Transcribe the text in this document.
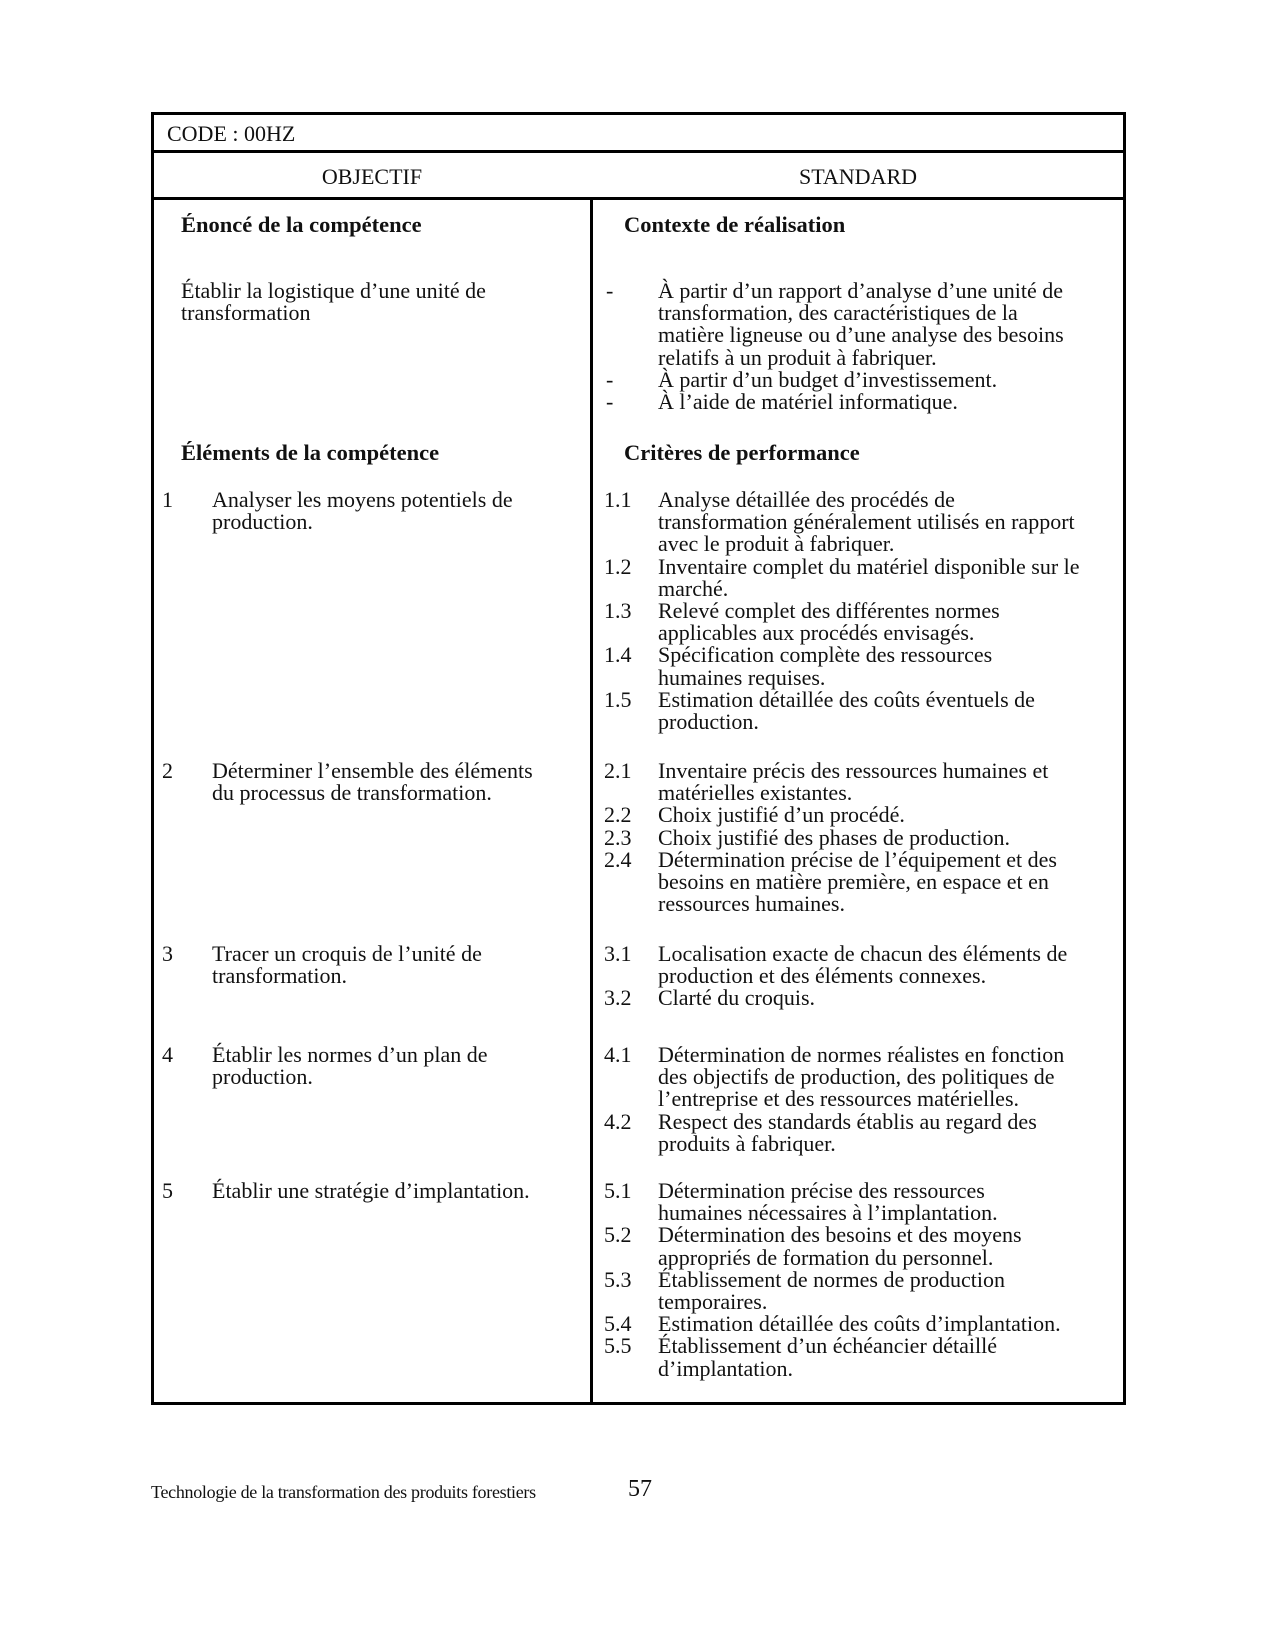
CODE : 00HZ
OBJECTIF	STANDARD
Énoncé de la compétence
Établir la logistique d’une unité de
transformation
Éléments de la compétence
1 Analyser les moyens potentiels de
production.
2 Déterminer l’ensemble des éléments
du processus de transformation.
3 Tracer un croquis de l’unité de
transformation.
4 Établir les normes d’un plan de
production.
5 Établir une stratégie d’implantation.
Contexte de réalisation
- À partir d’un rapport d’analyse d’une unité de
transformation, des caractéristiques de la
matière ligneuse ou d’une analyse des besoins
relatifs à un produit à fabriquer.
- À partir d’un budget d’investissement.
- À l’aide de matériel informatique.
Critères de performance
1.1 Analyse détaillée des procédés de
transformation généralement utilisés en rapport
avec le produit à fabriquer.
1.2 Inventaire complet du matériel disponible sur le
marché.
1.3 Relevé complet des différentes normes
applicables aux procédés envisagés.
1.4 Spécification complète des ressources
humaines requises.
1.5 Estimation détaillée des coûts éventuels de
production.
2.1 Inventaire précis des ressources humaines et
matérielles existantes.
2.2 Choix justifié d’un procédé.
2.3 Choix justifié des phases de production.
2.4 Détermination précise de l’équipement et des
besoins en matière première, en espace et en
ressources humaines.
3.1 Localisation exacte de chacun des éléments de
production et des éléments connexes.
3.2 Clarté du croquis.
4.1 Détermination de normes réalistes en fonction
des objectifs de production, des politiques de
l’entreprise et des ressources matérielles.
4.2 Respect des standards établis au regard des
produits à fabriquer.
5.1 Détermination précise des ressources
humaines nécessaires à l’implantation.
5.2 Détermination des besoins et des moyens
appropriés de formation du personnel.
5.3 Établissement de normes de production
temporaires.
5.4 Estimation détaillée des coûts d’implantation.
5.5 Établissement d’un échéancier détaillé
d’implantation.
Technologie de la transformation des produits forestiers	57
